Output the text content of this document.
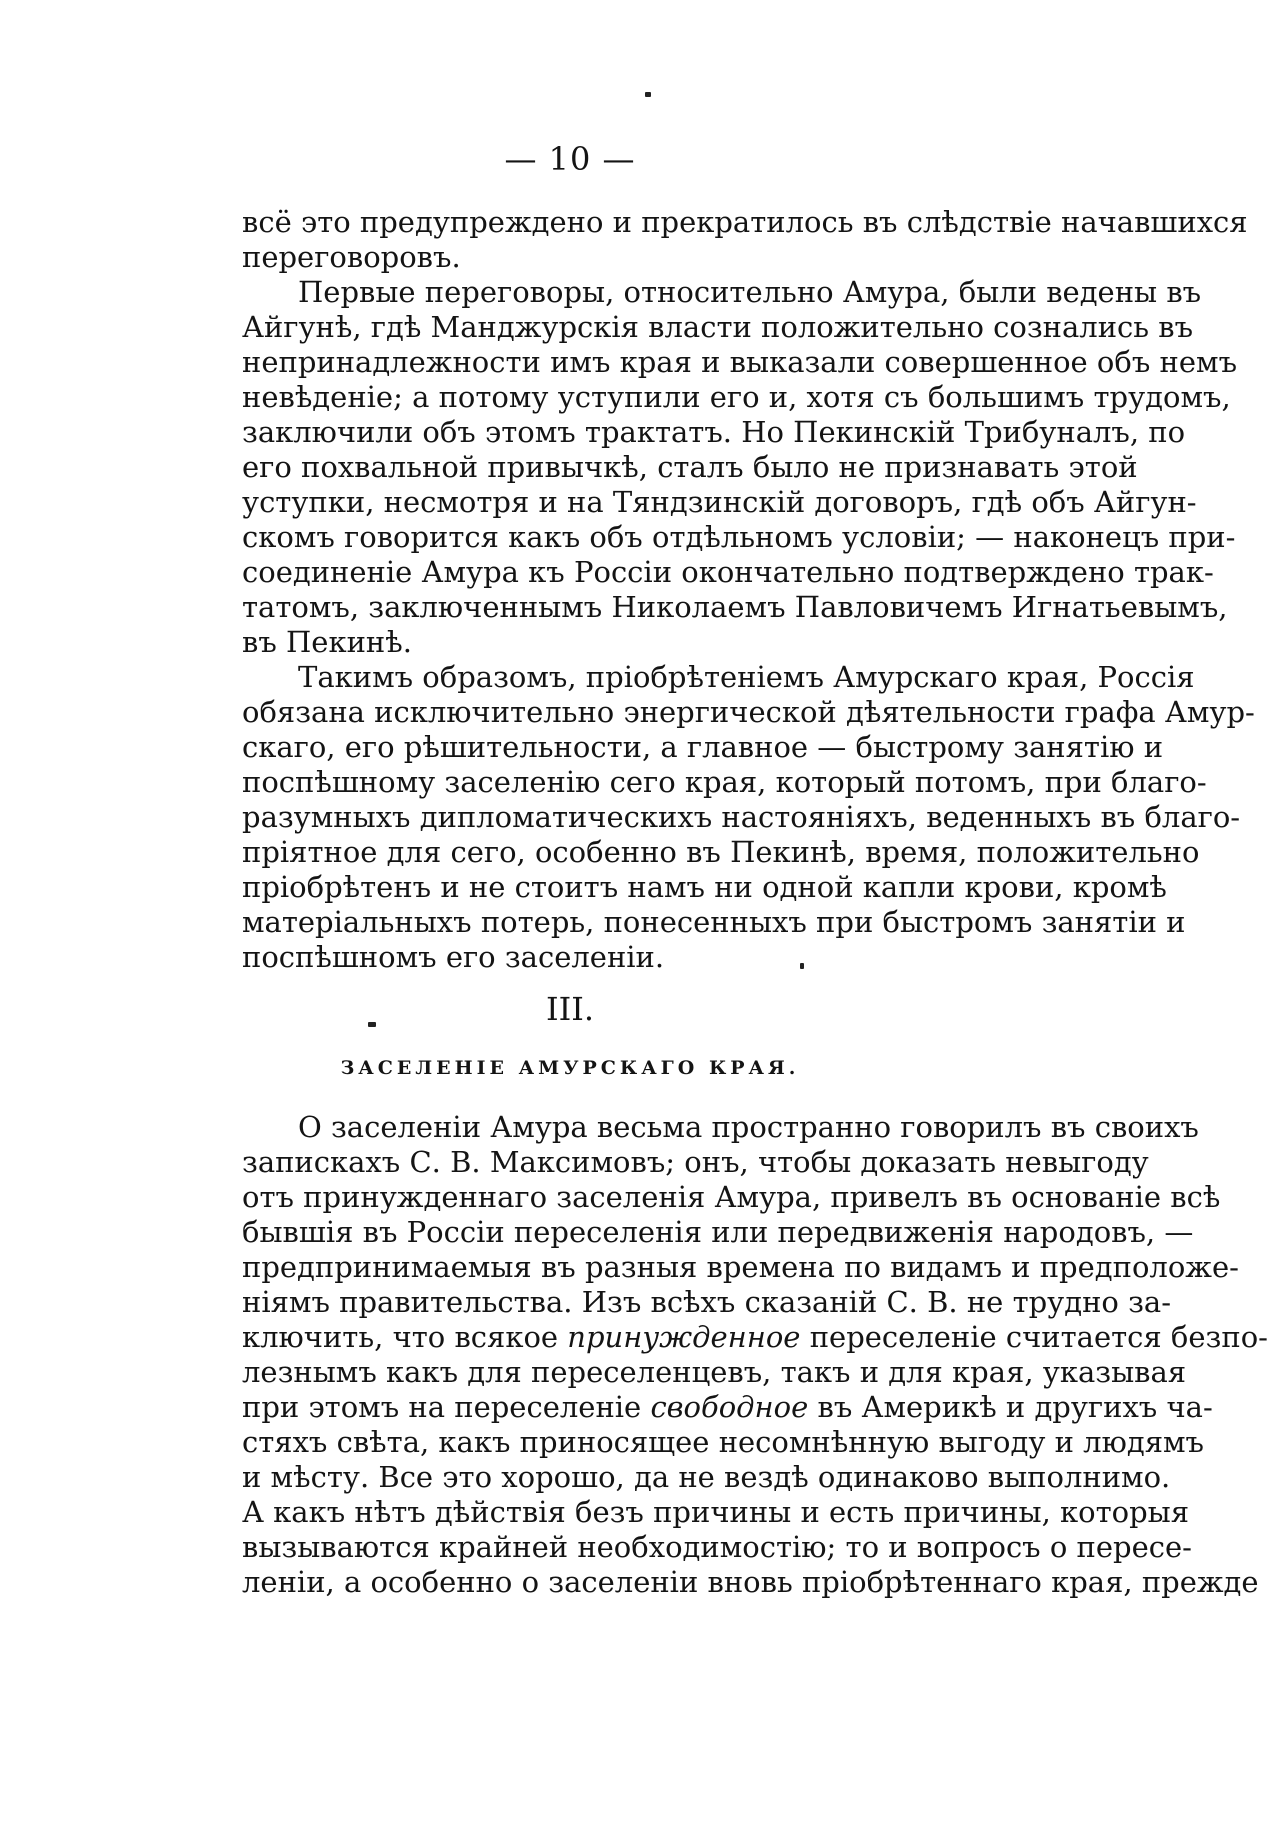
— 10 —
всё это предупреждено и прекратилось въ слѣдствіе начавшихся
переговоровъ.
Первые переговоры, относительно Амура, были ведены въ
Айгунѣ, гдѣ Манджурскія власти положительно сознались въ
непринадлежности имъ края и выказали совершенное объ немъ
невѣденіе; а потому уступили его и, хотя съ большимъ трудомъ,
заключили объ этомъ трактатъ. Но Пекинскій Трибуналъ, по
его похвальной привычкѣ, сталъ было не признавать этой
уступки, несмотря и на Тяндзинскій договоръ, гдѣ объ Айгун-
скомъ говорится какъ объ отдѣльномъ условіи; — наконецъ при-
соединеніе Амура къ Россіи окончательно подтверждено трак-
татомъ, заключеннымъ Николаемъ Павловичемъ Игнатьевымъ,
въ Пекинѣ.
Такимъ образомъ, пріобрѣтеніемъ Амурскаго края, Россія
обязана исключительно энергической дѣятельности графа Амур-
скаго, его рѣшительности, а главное — быстрому занятію и
поспѣшному заселенію сего края, который потомъ, при благо-
разумныхъ дипломатическихъ настояніяхъ, веденныхъ въ благо-
пріятное для сего, особенно въ Пекинѣ, время, положительно
пріобрѣтенъ и не стоитъ намъ ни одной капли крови, кромѣ
матеріальныхъ потерь, понесенныхъ при быстромъ занятіи и
поспѣшномъ его заселеніи.
III.
ЗАСЕЛЕНІЕ АМУРСКАГО КРАЯ.
О заселеніи Амура весьма пространно говорилъ въ своихъ
запискахъ С. В. Максимовъ; онъ, чтобы доказать невыгоду
отъ принужденнаго заселенія Амура, привелъ въ основаніе всѣ
бывшія въ Россіи переселенія или передвиженія народовъ, —
предпринимаемыя въ разныя времена по видамъ и предположе-
ніямъ правительства. Изъ всѣхъ сказаній С. В. не трудно за-
ключить, что всякое принужденное переселеніе считается безпо-
лезнымъ какъ для переселенцевъ, такъ и для края, указывая
при этомъ на переселеніе свободное въ Америкѣ и другихъ ча-
стяхъ свѣта, какъ приносящее несомнѣнную выгоду и людямъ
и мѣсту. Все это хорошо, да не вездѣ одинаково выполнимо.
А какъ нѣтъ дѣйствія безъ причины и есть причины, которыя
вызываются крайней необходимостію; то и вопросъ о пересе-
леніи, а особенно о заселеніи вновь пріобрѣтеннаго края, прежде
